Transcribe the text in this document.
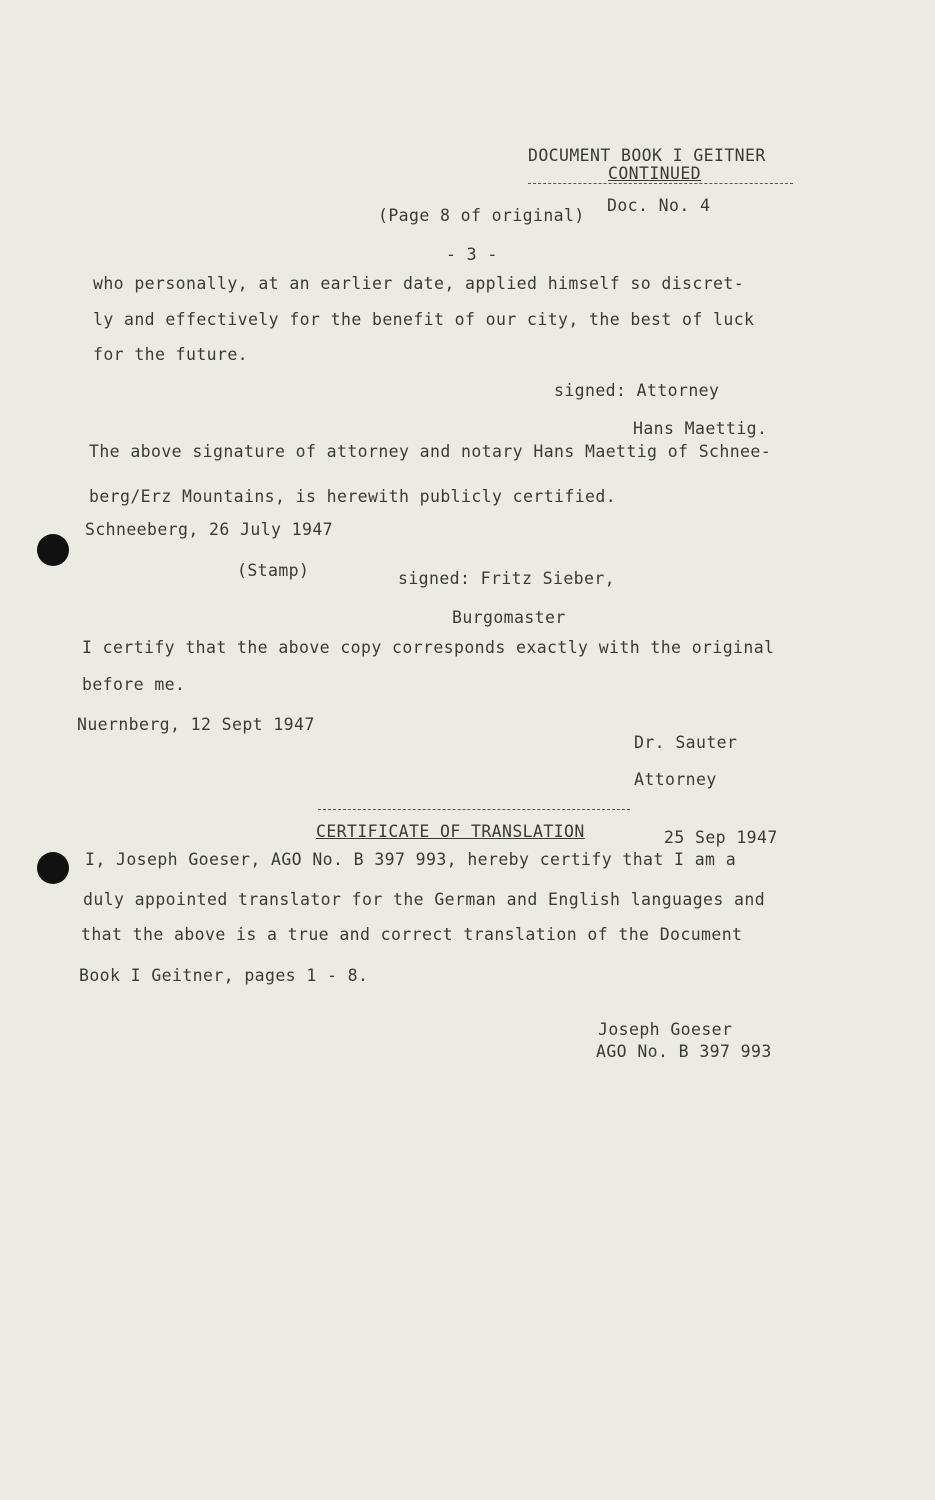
DOCUMENT BOOK I GEITNER
CONTINUED
Doc. No. 4
(Page 8 of original)
- 3 -
who personally, at an earlier date, applied himself so discret-
ly and effectively for the benefit of our city, the best of luck
for the future.
signed: Attorney
Hans Maettig.
The above signature of attorney and notary Hans Maettig of Schnee-
berg/Erz Mountains, is herewith publicly certified.
Schneeberg, 26 July 1947
(Stamp)	signed: Fritz Sieber,
Burgomaster
I certify that the above copy corresponds exactly with the original
before me.
Nuernberg, 12 Sept 1947
Dr. Sauter
Attorney
CERTIFICATE OF TRANSLATION	25 Sep 1947
I, Joseph Goeser, AGO No. B 397 993, hereby certify that I am a
duly appointed translator for the German and English languages and
that the above is a true and correct translation of the Document
Book I Geitner, pages 1 - 8.
Joseph Goeser
AGO No. B 397 993
